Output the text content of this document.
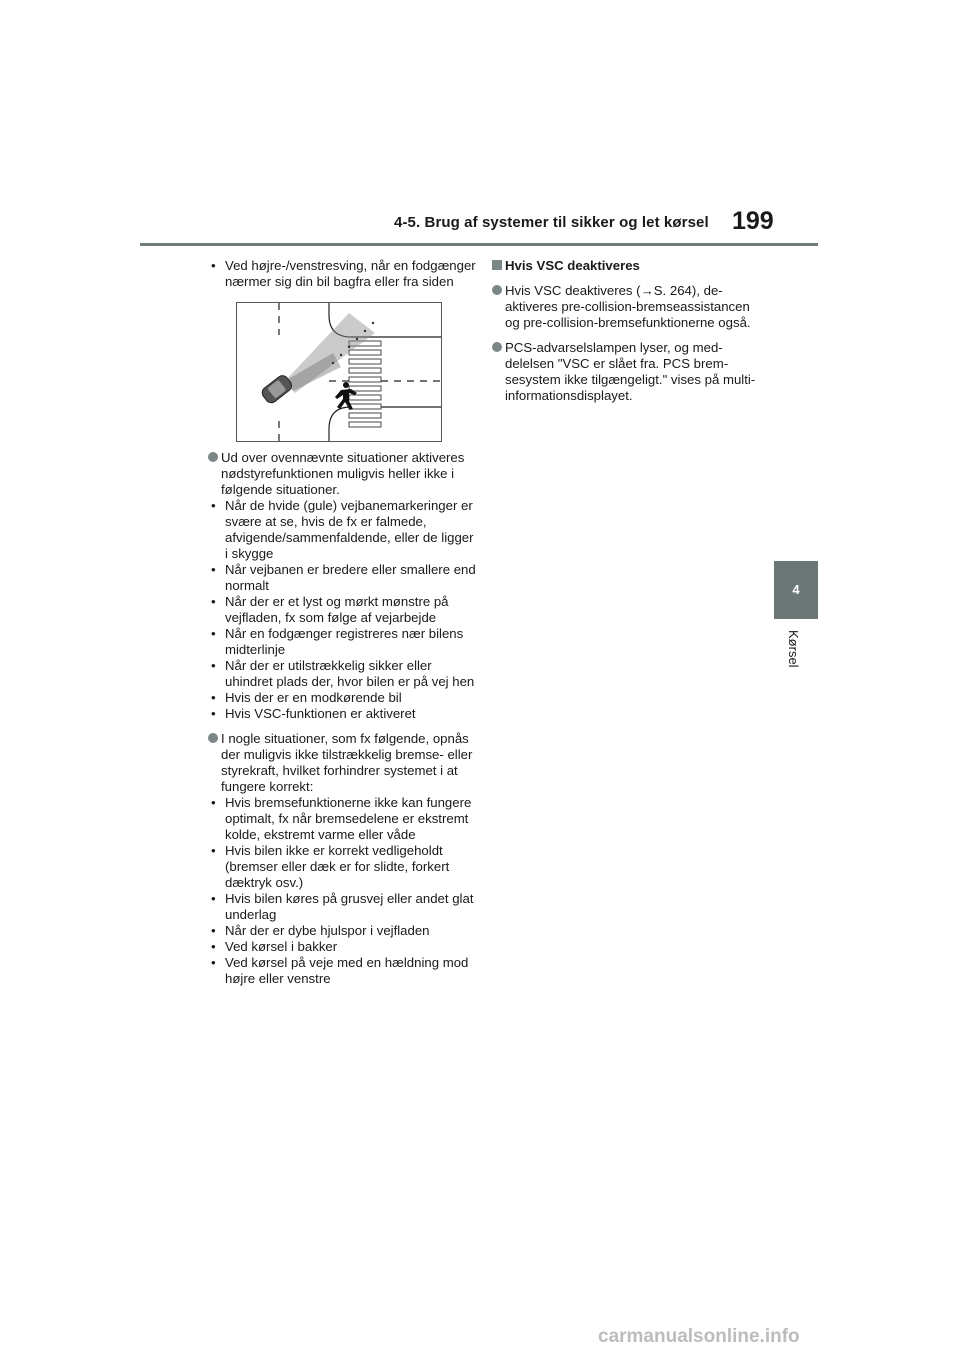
4-5. Brug af systemer til sikker og let kørsel 199
4
Kørsel

• Ved højre-/venstresving, når en fodgænger nærmer sig din bil bagfra eller fra siden

Ud over ovennævnte situationer aktiveres nødstyrefunktionen muligvis heller ikke i følgende situationer.

• Når de hvide (gule) vejbanemarkeringer er svære at se, hvis de fx er falmede, afvigende/sammenfaldende, eller de ligger i skygge

• Når vejbanen er bredere eller smallere end normalt

• Når der er et lyst og mørkt mønstre på vejfladen, fx som følge af vejarbejde

• Når en fodgænger registreres nær bilens midterlinje

• Når der er utilstrækkelig sikker eller uhindret plads der, hvor bilen er på vej hen

• Hvis der er en modkørende bil

• Hvis VSC-funktionen er aktiveret

I nogle situationer, som fx følgende, opnås der muligvis ikke tilstrækkelig bremse- eller styrekraft, hvilket forhindrer systemet i at fungere korrekt:

• Hvis bremsefunktionerne ikke kan fungere optimalt, fx når bremsedelene er ekstremt kolde, ekstremt varme eller våde

• Hvis bilen ikke er korrekt vedligeholdt (bremser eller dæk er for slidte, forkert dæktryk osv.)

• Hvis bilen køres på grusvej eller andet glat underlag

• Når der er dybe hjulspor i vejfladen

• Ved kørsel i bakker

• Ved kørsel på veje med en hældning mod højre eller venstre

Hvis VSC deaktiveres

Hvis VSC deaktiveres (→S. 264), deaktiveres pre-collision-bremseassistancen og pre-collision-bremsefunktionerne også.

PCS-advarselslampen lyser, og meddelelsen "VSC er slået fra. PCS bremsesystem ikke tilgængeligt." vises på multi-informationsdisplayet.

carmanualsonline.info
